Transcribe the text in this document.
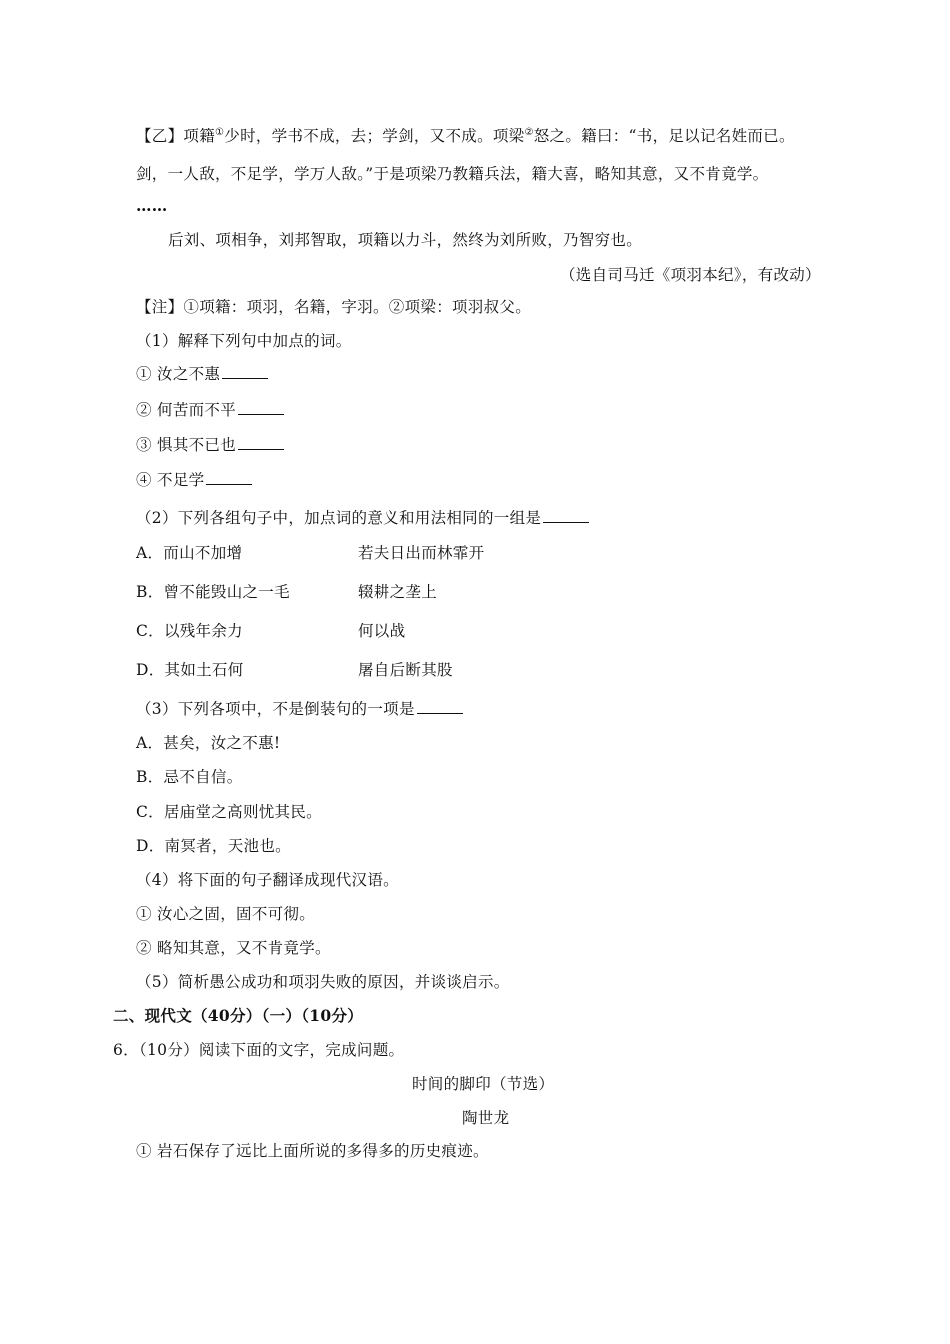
【乙】项籍①少时，学书不成，去；学剑，又不成。项梁②怒之。籍曰：“书，足以记名姓而已。
剑，一人敌，不足学，学万人敌。”于是项梁乃教籍兵法，籍大喜，略知其意，又不肯竟学。
……
后刘、项相争，刘邦智取，项籍以力斗，然终为刘所败，乃智穷也。
（选自司马迁《项羽本纪》，有改动）
【注】①项籍：项羽，名籍，字羽。②项梁：项羽叔父。
（1）解释下列句中加点的词。
① 汝之不惠
② 何苦而不平
③ 惧其不已也
④ 不足学
（2）下列各组句子中，加点词的意义和用法相同的一组是
A．而山不加增	若夫日出而林霏开
B．曾不能毁山之一毛	辍耕之垄上
C．以残年余力	何以战
D．其如土石何	屠自后断其股
（3）下列各项中，不是倒装句的一项是
A．甚矣，汝之不惠!
B．忌不自信。
C．居庙堂之高则忧其民。
D．南冥者，天池也。
（4）将下面的句子翻译成现代汉语。
① 汝心之固，固不可彻。
② 略知其意，又不肯竟学。
（5）简析愚公成功和项羽失败的原因，并谈谈启示。
二、现代文（40分）（一）（10分）
6．（10分）阅读下面的文字，完成问题。
时间的脚印（节选）
陶世龙
① 岩石保存了远比上面所说的多得多的历史痕迹。
